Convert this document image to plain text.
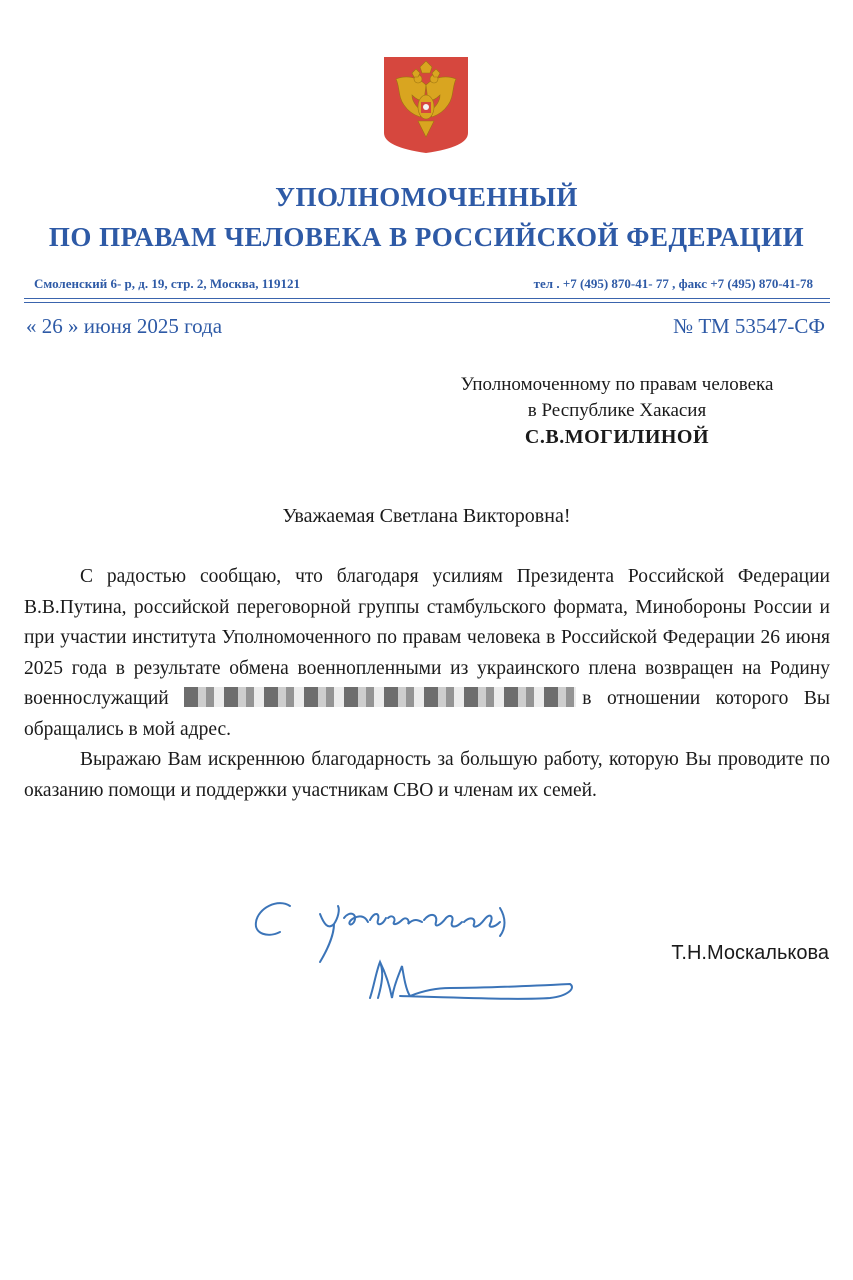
УПОЛНОМОЧЕННЫЙ
ПО ПРАВАМ ЧЕЛОВЕКА В РОССИЙСКОЙ ФЕДЕРАЦИИ
Смоленский 6- р, д. 19, стр. 2, Москва, 119121	тел . +7 (495) 870-41- 77 , факс +7 (495) 870-41-78
« 26 » июня 2025 года	№ ТМ 53547-СФ
Уполномоченному по правам человека
в Республике Хакасия
С.В.МОГИЛИНОЙ
Уважаемая Светлана Викторовна!

С радостью сообщаю, что благодаря усилиям Президента Российской Федерации В.В.Путина, российской переговорной группы стамбульского формата, Минобороны России и при участии института Уполномоченного по правам человека в Российской Федерации 26 июня 2025 года в результате обмена военнопленными из украинского плена возвращен на Родину военнослужащий	в отношении которого Вы обращались в мой адрес.

Выражаю Вам искреннюю благодарность за большую работу, которую Вы проводите по оказанию помощи и поддержки участникам СВО и членам их семей.

Т.Н.Москалькова
